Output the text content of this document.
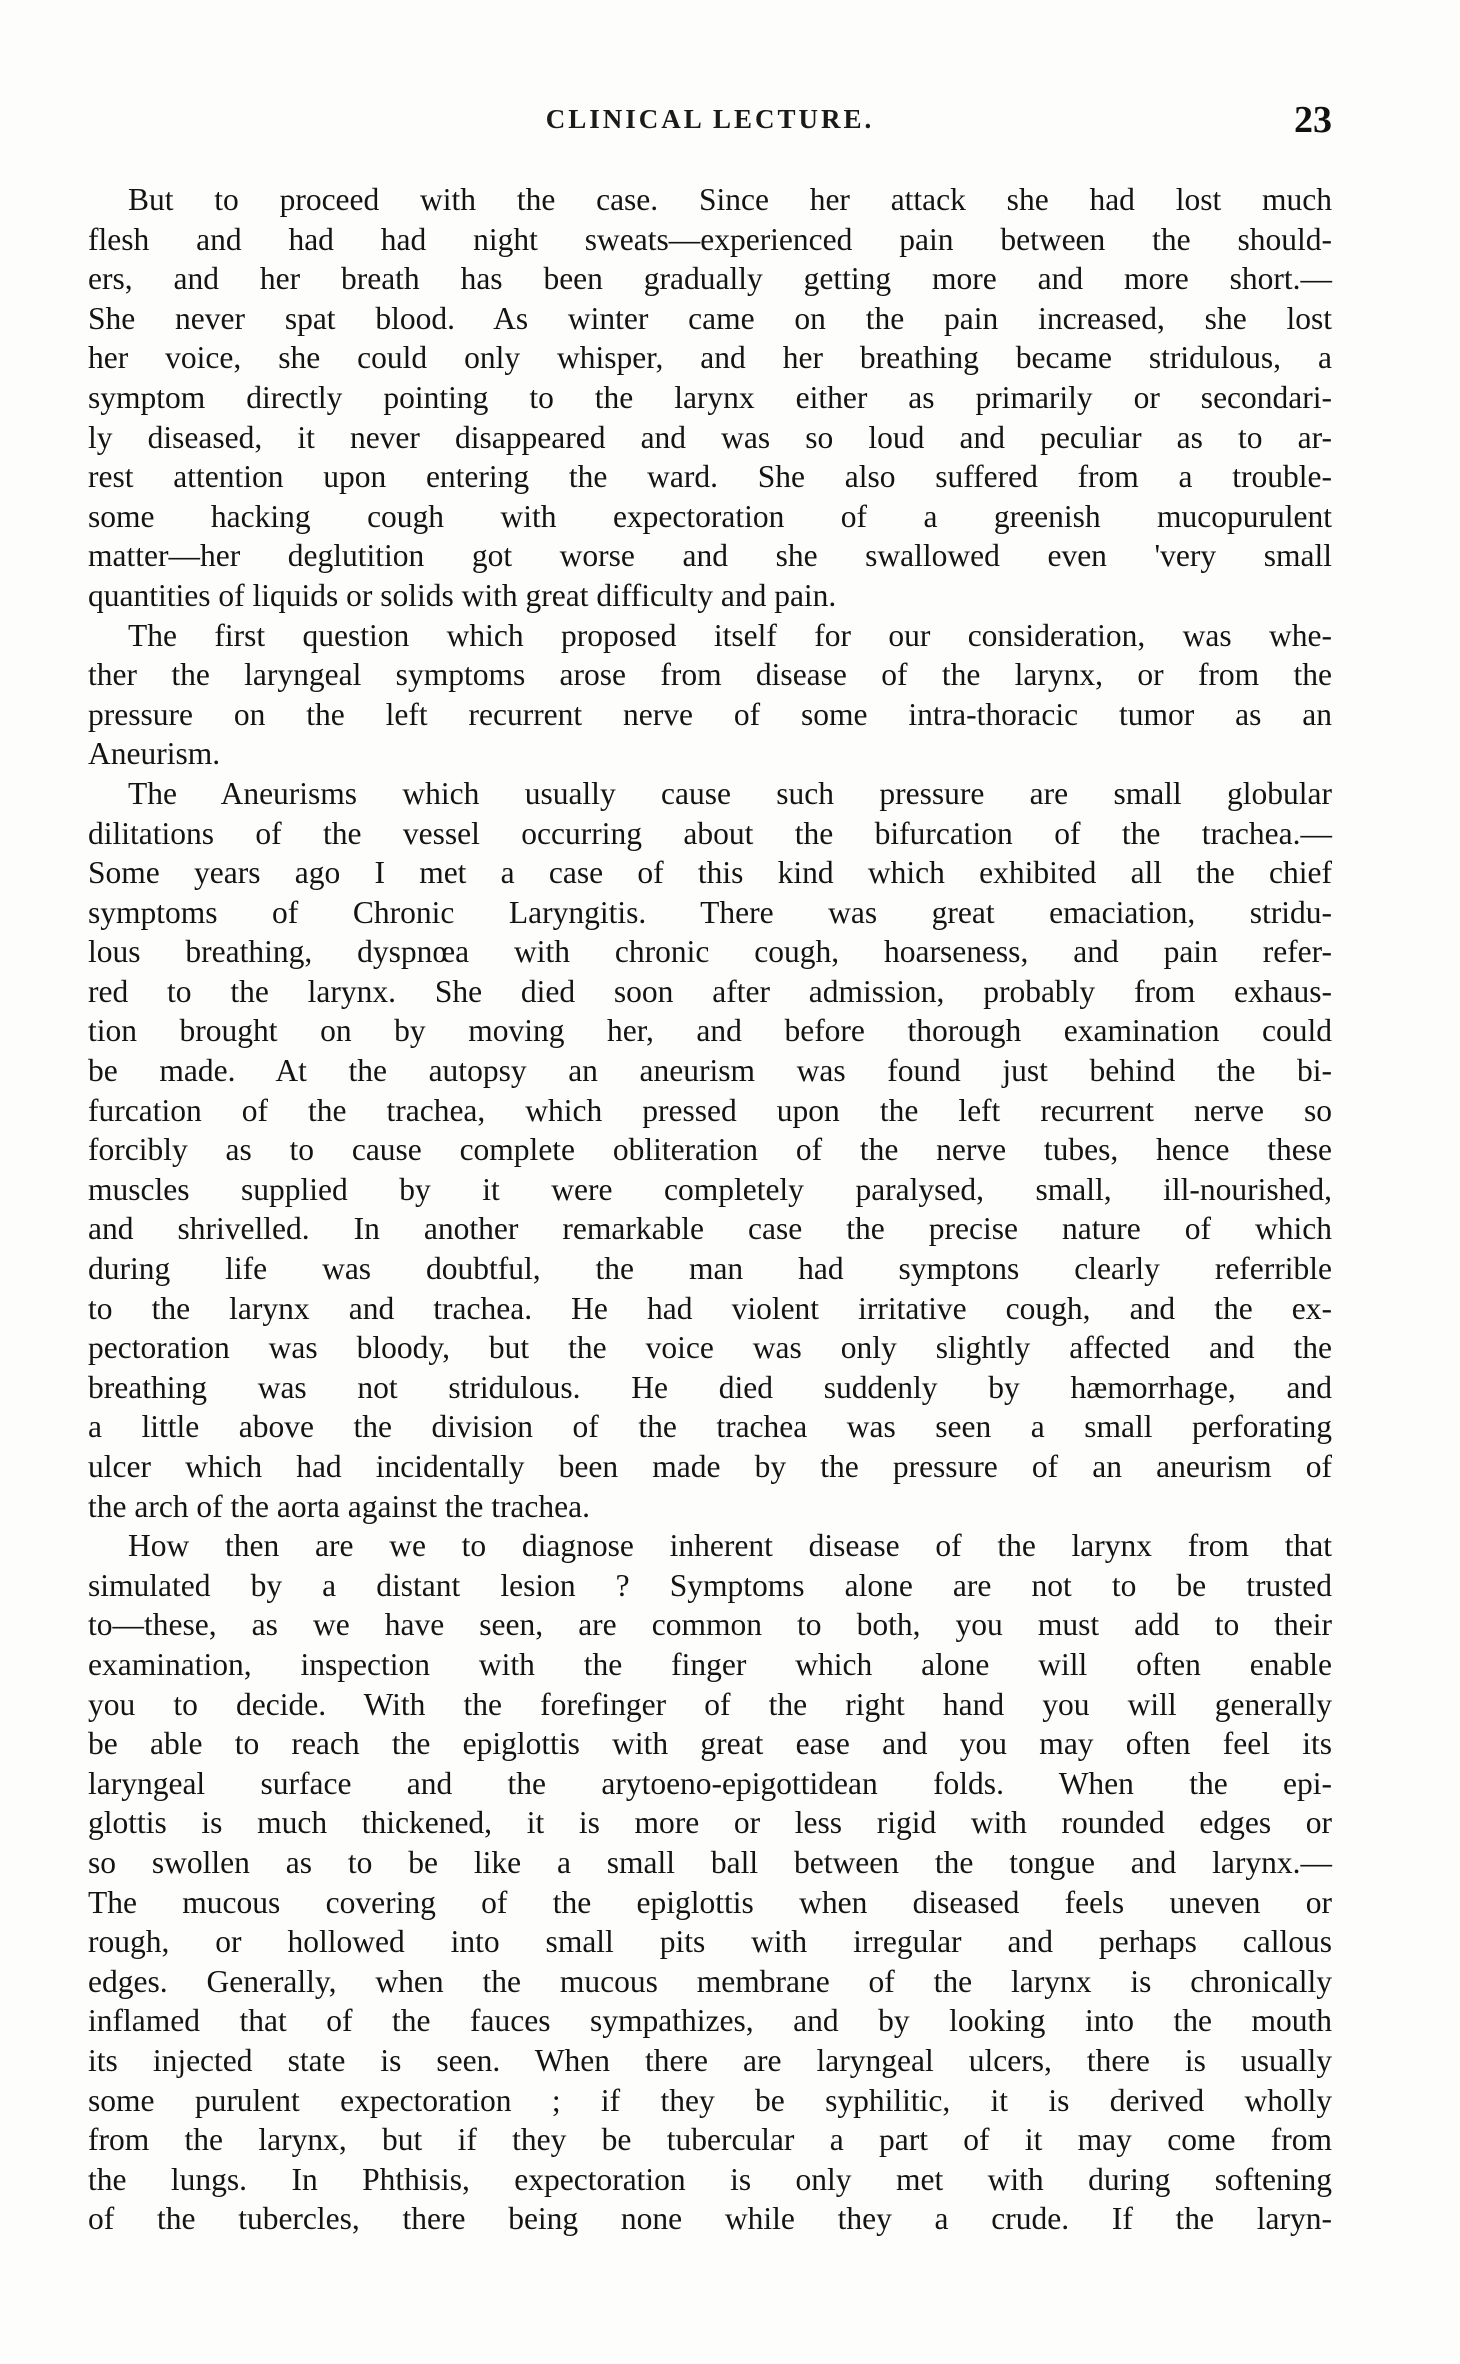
CLINICAL LECTURE.	23
But to proceed with the case. Since her attack she had lost much
flesh and had had night sweats—experienced pain between the should-
ers, and her breath has been gradually getting more and more short.—
She never spat blood. As winter came on the pain increased, she lost
her voice, she could only whisper, and her breathing became stridulous, a
symptom directly pointing to the larynx either as primarily or secondari-
ly diseased, it never disappeared and was so loud and peculiar as to ar-
rest attention upon entering the ward. She also suffered from a trouble-
some hacking cough with expectoration of a greenish mucopurulent
matter—her deglutition got worse and she swallowed even 'very small
quantities of liquids or solids with great difficulty and pain.
The first question which proposed itself for our consideration, was whe-
ther the laryngeal symptoms arose from disease of the larynx, or from the
pressure on the left recurrent nerve of some intra-thoracic tumor as an
Aneurism.
The Aneurisms which usually cause such pressure are small globular
dilitations of the vessel occurring about the bifurcation of the trachea.—
Some years ago I met a case of this kind which exhibited all the chief
symptoms of Chronic Laryngitis. There was great emaciation, stridu-
lous breathing, dyspnœa with chronic cough, hoarseness, and pain refer-
red to the larynx. She died soon after admission, probably from exhaus-
tion brought on by moving her, and before thorough examination could
be made. At the autopsy an aneurism was found just behind the bi-
furcation of the trachea, which pressed upon the left recurrent nerve so
forcibly as to cause complete obliteration of the nerve tubes, hence these
muscles supplied by it were completely paralysed, small, ill-nourished,
and shrivelled. In another remarkable case the precise nature of which
during life was doubtful, the man had symptons clearly referrible
to the larynx and trachea. He had violent irritative cough, and the ex-
pectoration was bloody, but the voice was only slightly affected and the
breathing was not stridulous. He died suddenly by hæmorrhage, and
a little above the division of the trachea was seen a small perforating
ulcer which had incidentally been made by the pressure of an aneurism of
the arch of the aorta against the trachea.
How then are we to diagnose inherent disease of the larynx from that
simulated by a distant lesion ? Symptoms alone are not to be trusted
to—these, as we have seen, are common to both, you must add to their
examination, inspection with the finger which alone will often enable
you to decide. With the forefinger of the right hand you will generally
be able to reach the epiglottis with great ease and you may often feel its
laryngeal surface and the arytoeno-epigottidean folds. When the epi-
glottis is much thickened, it is more or less rigid with rounded edges or
so swollen as to be like a small ball between the tongue and larynx.—
The mucous covering of the epiglottis when diseased feels uneven or
rough, or hollowed into small pits with irregular and perhaps callous
edges. Generally, when the mucous membrane of the larynx is chronically
inflamed that of the fauces sympathizes, and by looking into the mouth
its injected state is seen. When there are laryngeal ulcers, there is usually
some purulent expectoration ; if they be syphilitic, it is derived wholly
from the larynx, but if they be tubercular a part of it may come from
the lungs. In Phthisis, expectoration is only met with during softening
of the tubercles, there being none while they a crude. If the laryn-
